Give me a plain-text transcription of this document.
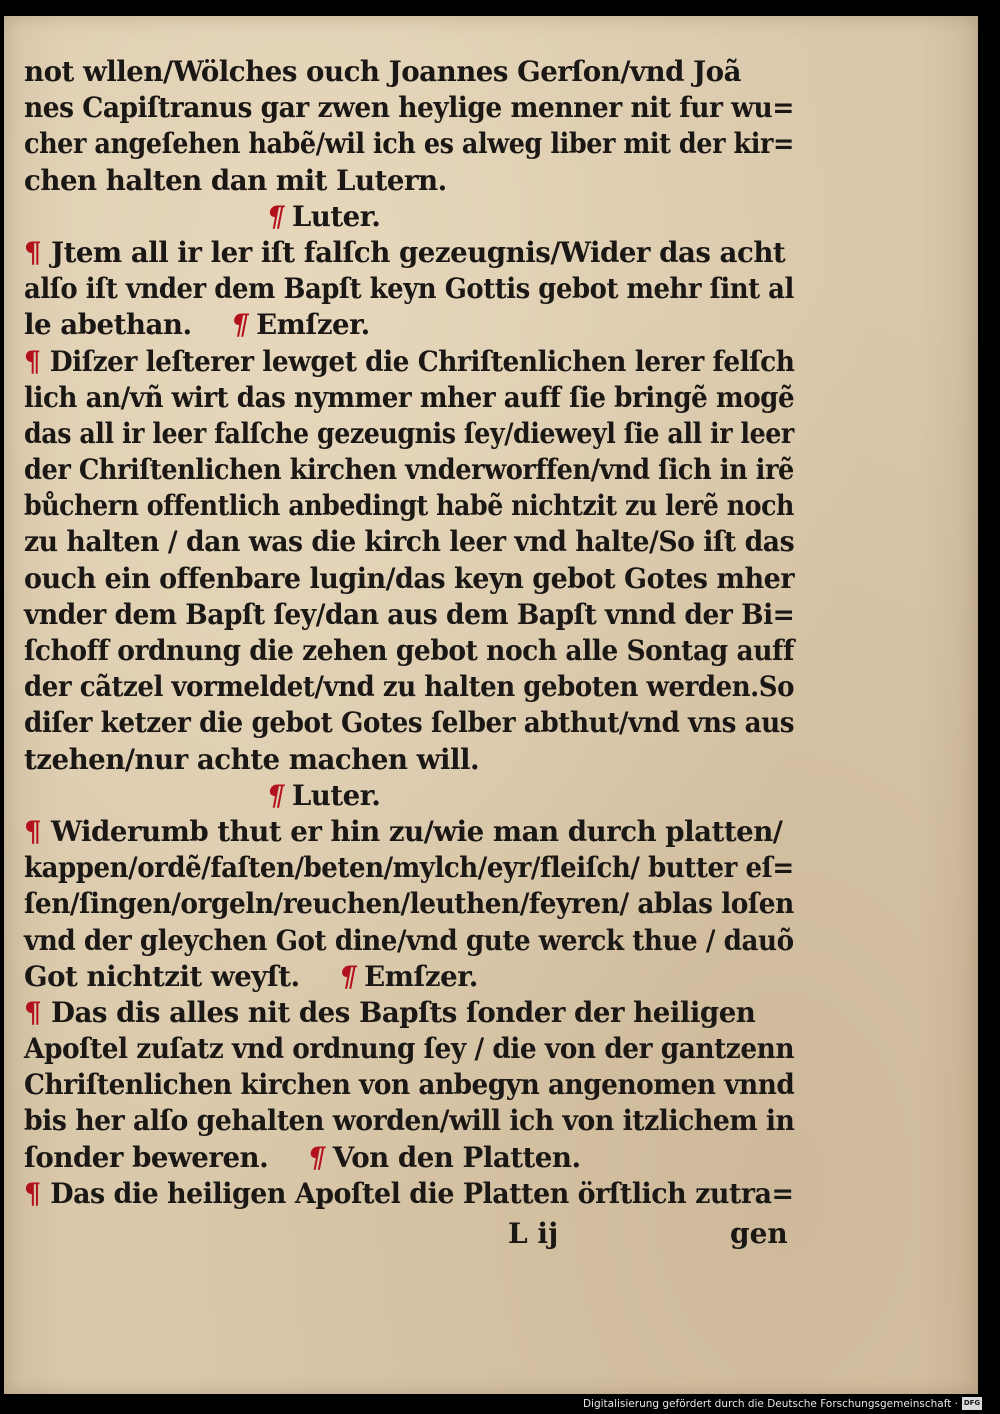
not wllen/Wölches ouch Joannes Gerſon/vnd Joã
nes Capiſtranus gar zwen heylige menner nit fur wu=
cher angeſehen habẽ/wil ich es alweg liber mit der kir=
chen halten dan mit Lutern.
¶ Luter.
¶ Jtem all ir ler iſt falſch gezeugnis/Wider das acht
alſo iſt vnder dem Bapſt keyn Gottis gebot mehr ſint al
le abethan. ¶ Emſzer.
¶ Diſzer leſterer lewget die Chriſtenlichen lerer felſch
lich an/vñ wirt das nymmer mher auff ſie bringẽ mogẽ
das all ir leer falſche gezeugnis ſey/dieweyl ſie all ir leer
der Chriſtenlichen kirchen vnderworffen/vnd ſich in irẽ
bůchern offentlich anbedingt habẽ nichtzit zu lerẽ noch
zu halten / dan was die kirch leer vnd halte/So iſt das
ouch ein offenbare lugin/das keyn gebot Gotes mher
vnder dem Bapſt ſey/dan aus dem Bapſt vnnd der Bi=
ſchoff ordnung die zehen gebot noch alle Sontag auff
der cãtzel vormeldet/vnd zu halten geboten werden.So
diſer ketzer die gebot Gotes ſelber abthut/vnd vns aus
tzehen/nur achte machen will.
¶ Luter.
¶ Widerumb thut er hin zu/wie man durch platten/
kappen/ordẽ/faſten/beten/mylch/eyr/fleiſch/ butter eſ=
ſen/ſingen/orgeln/reuchen/leuthen/feyren/ ablas loſen
vnd der gleychen Got dine/vnd gute werck thue / dauõ
Got nichtzit weyſt. ¶ Emſzer.
¶ Das dis alles nit des Bapſts ſonder der heiligen
Apoſtel zuſatz vnd ordnung ſey / die von der gantzenn
Chriſtenlichen kirchen von anbegyn angenomen vnnd
bis her alſo gehalten worden/will ich von itzlichem in
ſonder beweren. ¶ Von den Platten.
¶ Das die heiligen Apoſtel die Platten örſtlich zutra=
L ij	gen
Digitalisierung gefördert durch die Deutsche Forschungsgemeinschaft · DFG
